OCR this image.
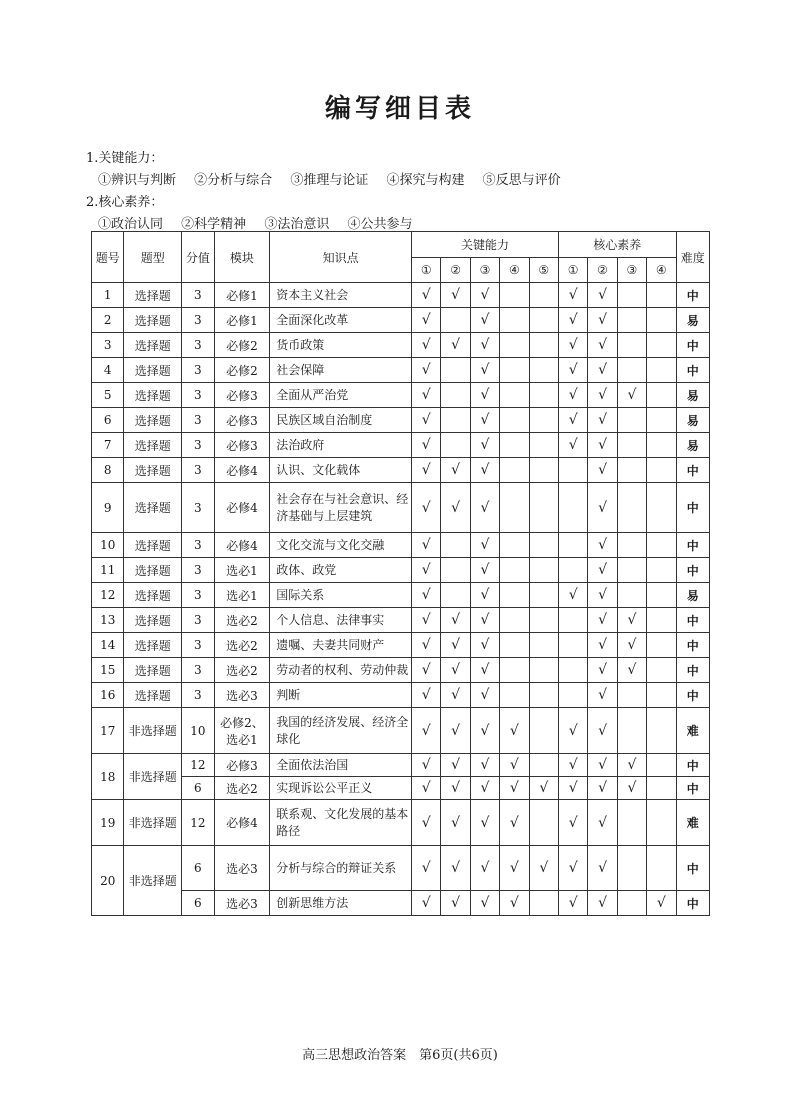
编写细目表
1.关键能力：
①辨识与判断 ②分析与综合 ③推理与论证 ④探究与构建 ⑤反思与评价
2.核心素养：
①政治认同 ②科学精神 ③法治意识 ④公共参与
题号	题型	分值	模块	知识点	关键能力					核心素养				难度
					①	②	③	④	⑤	①	②	③	④	
1	选择题	3	必修1	资本主义社会	√	√	√			√	√			中
2	选择题	3	必修1	全面深化改革	√		√			√	√			易
3	选择题	3	必修2	货币政策	√	√	√			√	√			中
4	选择题	3	必修2	社会保障	√		√			√	√			中
5	选择题	3	必修3	全面从严治党	√		√			√	√	√		易
6	选择题	3	必修3	民族区域自治制度	√		√			√	√			易
7	选择题	3	必修3	法治政府	√		√			√	√			易
8	选择题	3	必修4	认识、文化载体	√	√	√				√			中
9	选择题	3	必修4	社会存在与社会意识、经济基础与上层建筑	√	√	√				√			中
10	选择题	3	必修4	文化交流与文化交融	√		√				√			中
11	选择题	3	选必1	政体、政党	√		√				√			中
12	选择题	3	选必1	国际关系	√		√			√	√			易
13	选择题	3	选必2	个人信息、法律事实	√	√	√				√	√		中
14	选择题	3	选必2	遗嘱、夫妻共同财产	√	√	√				√	√		中
15	选择题	3	选必2	劳动者的权利、劳动仲裁	√	√	√				√	√		中
16	选择题	3	选必3	判断	√	√	√				√			中
17	非选择题	10	必修2、选必1	我国的经济发展、经济全球化	√	√	√	√		√	√			难
18	非选择题	12	必修3	全面依法治国	√	√	√	√		√	√	√		中
		6	选必2	实现诉讼公平正义	√	√	√	√	√	√	√	√		中
19	非选择题	12	必修4	联系观、文化发展的基本路径	√	√	√	√		√	√			难
20	非选择题	6	选必3	分析与综合的辩证关系	√	√	√	√	√	√	√			中
		6	选必3	创新思维方法	√	√	√	√		√	√		√	中
高三思想政治答案　第6页(共6页)
